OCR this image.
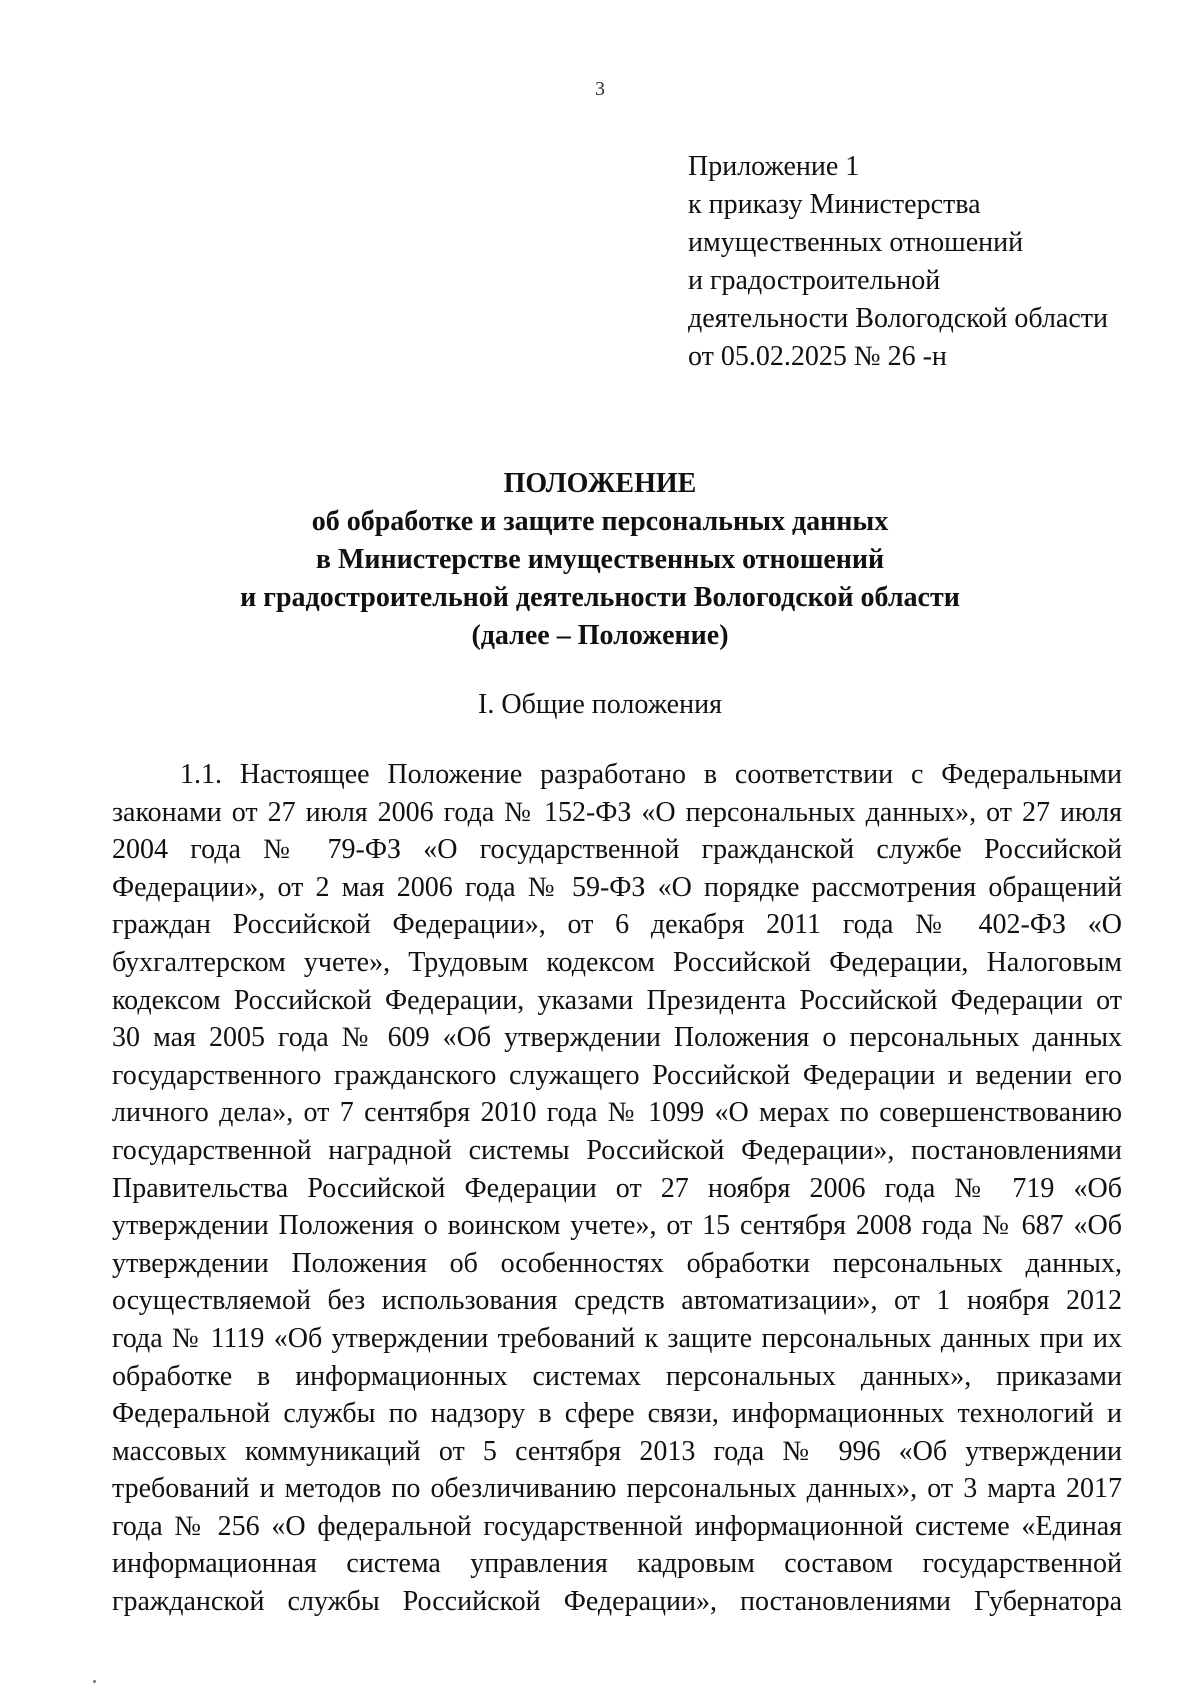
3
Приложение 1
к приказу Министерства
имущественных отношений
и градостроительной
деятельности Вологодской области
от 05.02.2025 № 26 -н
ПОЛОЖЕНИЕ
об обработке и защите персональных данных
в Министерстве имущественных отношений
и градостроительной деятельности Вологодской области
(далее – Положение)
I. Общие положения
1.1. Настоящее Положение разработано в соответствии с Федеральными
законами от 27 июля 2006 года № 152-ФЗ «О персональных данных», от 27 июля
2004 года № 79-ФЗ «О государственной гражданской службе Российской
Федерации», от 2 мая 2006 года № 59-ФЗ «О порядке рассмотрения обращений
граждан Российской Федерации», от 6 декабря 2011 года № 402-ФЗ «О
бухгалтерском учете», Трудовым кодексом Российской Федерации, Налоговым
кодексом Российской Федерации, указами Президента Российской Федерации от
30 мая 2005 года № 609 «Об утверждении Положения о персональных данных
государственного гражданского служащего Российской Федерации и ведении его
личного дела», от 7 сентября 2010 года № 1099 «О мерах по совершенствованию
государственной наградной системы Российской Федерации», постановлениями
Правительства Российской Федерации от 27 ноября 2006 года № 719 «Об
утверждении Положения о воинском учете», от 15 сентября 2008 года № 687 «Об
утверждении Положения об особенностях обработки персональных данных,
осуществляемой без использования средств автоматизации», от 1 ноября 2012
года № 1119 «Об утверждении требований к защите персональных данных при их
обработке в информационных системах персональных данных», приказами
Федеральной службы по надзору в сфере связи, информационных технологий и
массовых коммуникаций от 5 сентября 2013 года № 996 «Об утверждении
требований и методов по обезличиванию персональных данных», от 3 марта 2017
года № 256 «О федеральной государственной информационной системе «Единая
информационная система управления кадровым составом государственной
гражданской службы Российской Федерации», постановлениями Губернатора
